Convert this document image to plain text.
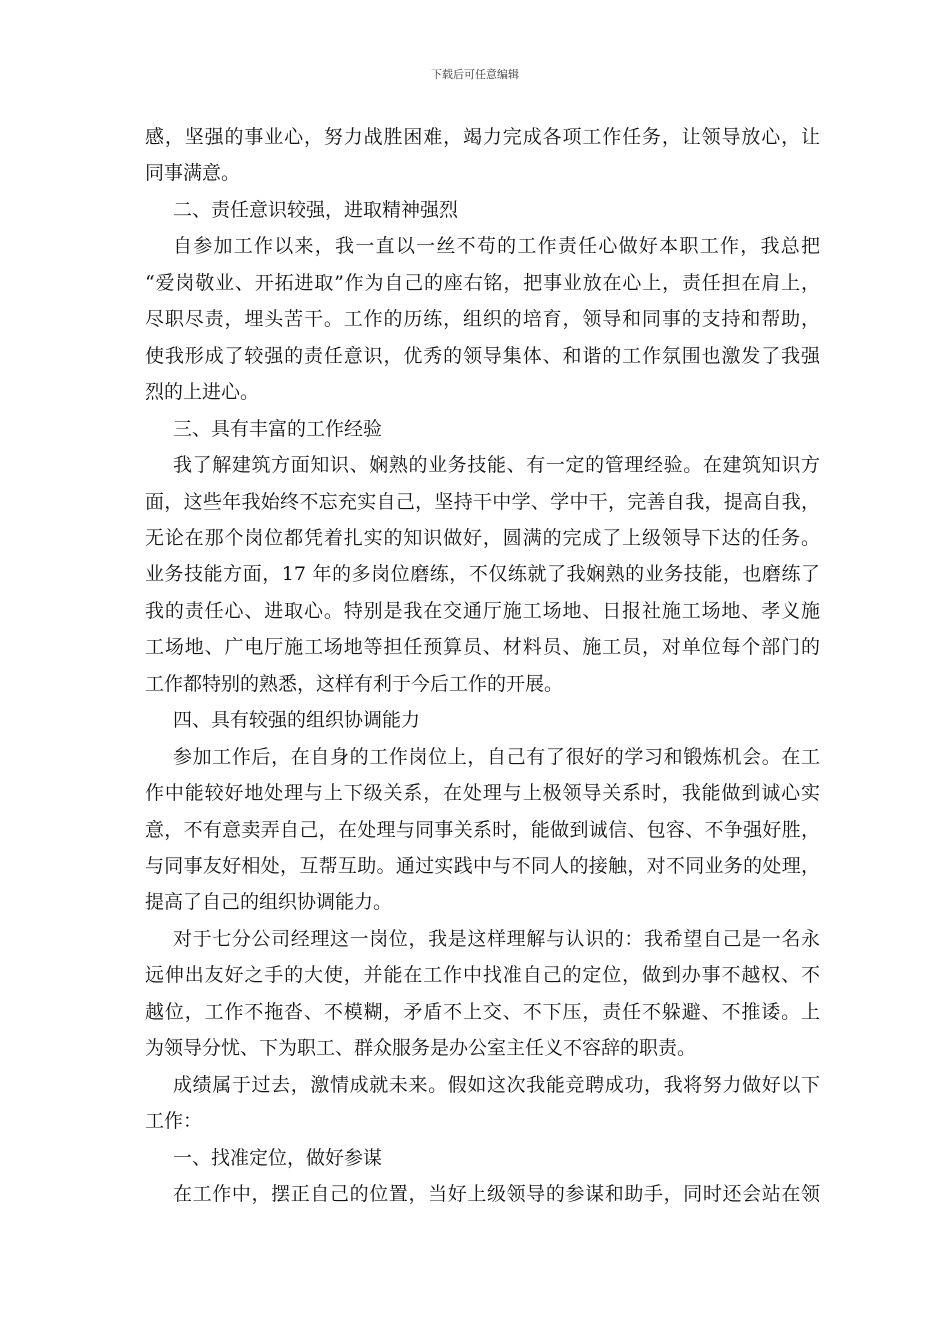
下载后可任意编辑
感，坚强的事业心，努力战胜困难，竭力完成各项工作任务，让领导放心，让
同事满意。
二、责任意识较强，进取精神强烈
自参加工作以来，我一直以一丝不苟的工作责任心做好本职工作，我总把
“爱岗敬业、开拓进取”作为自己的座右铭，把事业放在心上，责任担在肩上，
尽职尽责，埋头苦干。工作的历练，组织的培育，领导和同事的支持和帮助，
使我形成了较强的责任意识，优秀的领导集体、和谐的工作氛围也激发了我强
烈的上进心。
三、具有丰富的工作经验
我了解建筑方面知识、娴熟的业务技能、有一定的管理经验。在建筑知识方
面，这些年我始终不忘充实自己，坚持干中学、学中干，完善自我，提高自我，
无论在那个岗位都凭着扎实的知识做好，圆满的完成了上级领导下达的任务。
业务技能方面，17 年的多岗位磨练，不仅练就了我娴熟的业务技能，也磨练了
我的责任心、进取心。特别是我在交通厅施工场地、日报社施工场地、孝义施
工场地、广电厅施工场地等担任预算员、材料员、施工员，对单位每个部门的
工作都特别的熟悉，这样有利于今后工作的开展。
四、具有较强的组织协调能力
参加工作后，在自身的工作岗位上，自己有了很好的学习和锻炼机会。在工
作中能较好地处理与上下级关系，在处理与上极领导关系时，我能做到诚心实
意，不有意卖弄自己，在处理与同事关系时，能做到诚信、包容、不争强好胜，
与同事友好相处，互帮互助。通过实践中与不同人的接触，对不同业务的处理，
提高了自己的组织协调能力。
对于七分公司经理这一岗位，我是这样理解与认识的：我希望自己是一名永
远伸出友好之手的大使，并能在工作中找准自己的定位，做到办事不越权、不
越位，工作不拖沓、不模糊，矛盾不上交、不下压，责任不躲避、不推诿。上
为领导分忧、下为职工、群众服务是办公室主任义不容辞的职责。
成绩属于过去，激情成就未来。假如这次我能竞聘成功，我将努力做好以下
工作：
一、找准定位，做好参谋
在工作中，摆正自己的位置，当好上级领导的参谋和助手，同时还会站在领
